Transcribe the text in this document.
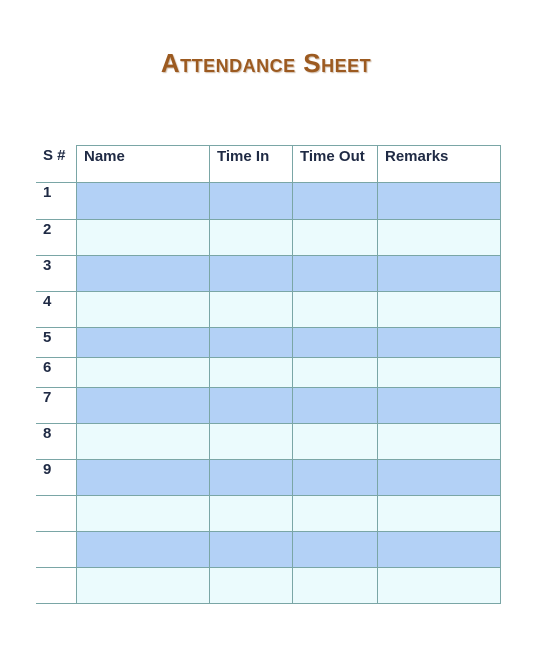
Attendance Sheet
S #	Name	Time In	Time Out	Remarks
1
2
3
4
5
6
7
8
9
